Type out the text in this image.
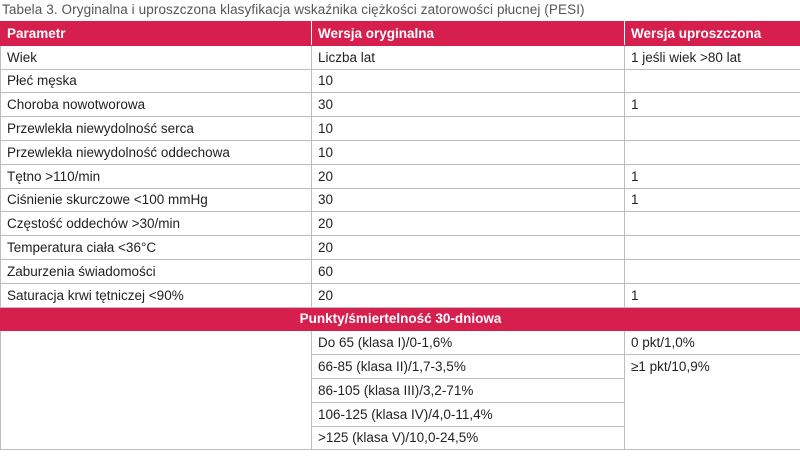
Tabela 3. Oryginalna i uproszczona klasyfikacja wskaźnika ciężkości zatorowości płucnej (PESI)
Parametr	Wersja oryginalna	Wersja uproszczona
Wiek	Liczba lat	1 jeśli wiek >80 lat
Płeć męska	10	
Choroba nowotworowa	30	1
Przewlekła niewydolność serca	10	
Przewlekła niewydolność oddechowa	10	
Tętno >110/min	20	1
Ciśnienie skurczowe <100 mmHg	30	1
Częstość oddechów >30/min	20	
Temperatura ciała <36°C	20	
Zaburzenia świadomości	60	
Saturacja krwi tętniczej <90%	20	1
Punkty/śmiertelność 30-dniowa		
	Do 65 (klasa I)/0-1,6%	0 pkt/1,0%
	66-85 (klasa II)/1,7-3,5%	≥1 pkt/10,9%
	86-105 (klasa III)/3,2-71%	
	106-125 (klasa IV)/4,0-11,4%	
	>125 (klasa V)/10,0-24,5%	
